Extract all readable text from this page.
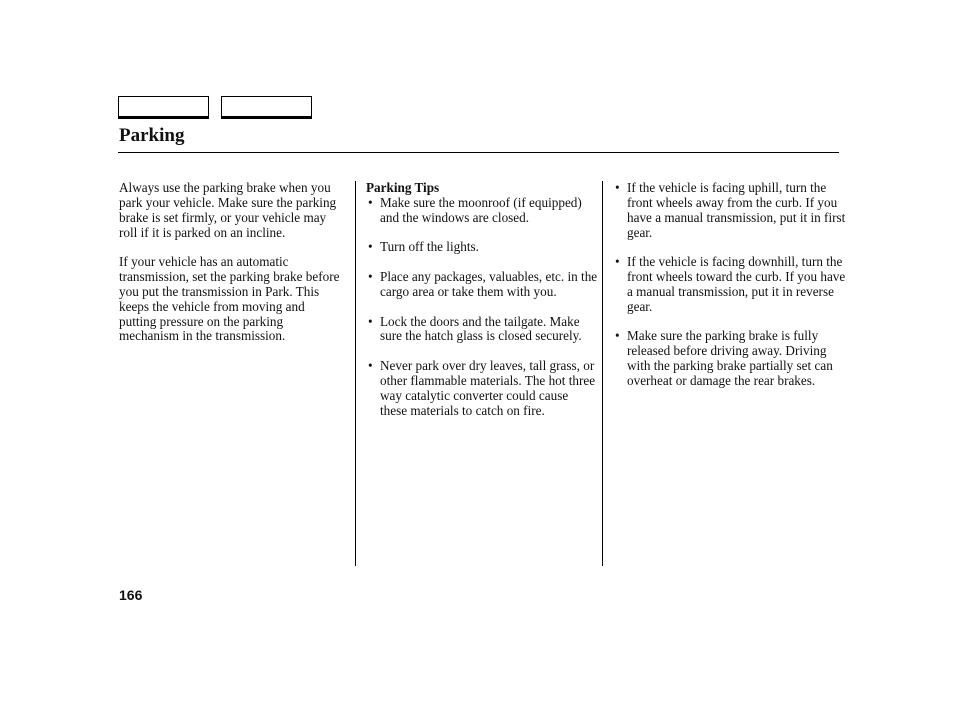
Parking

Always use the parking brake when you park your vehicle. Make sure the parking brake is set firmly, or your vehicle may roll if it is parked on an incline.

If your vehicle has an automatic transmission, set the parking brake before you put the transmission in Park. This keeps the vehicle from moving and putting pressure on the parking mechanism in the transmission.

Parking Tips

• Make sure the moonroof (if equipped) and the windows are closed.
• Turn off the lights.
• Place any packages, valuables, etc. in the cargo area or take them with you.
• Lock the doors and the tailgate. Make sure the hatch glass is closed securely.
• Never park over dry leaves, tall grass, or other flammable materials. The hot three way catalytic converter could cause these materials to catch on fire.
• If the vehicle is facing uphill, turn the front wheels away from the curb. If you have a manual transmission, put it in first gear.
• If the vehicle is facing downhill, turn the front wheels toward the curb. If you have a manual transmission, put it in reverse gear.
• Make sure the parking brake is fully released before driving away. Driving with the parking brake partially set can overheat or damage the rear brakes.
166
